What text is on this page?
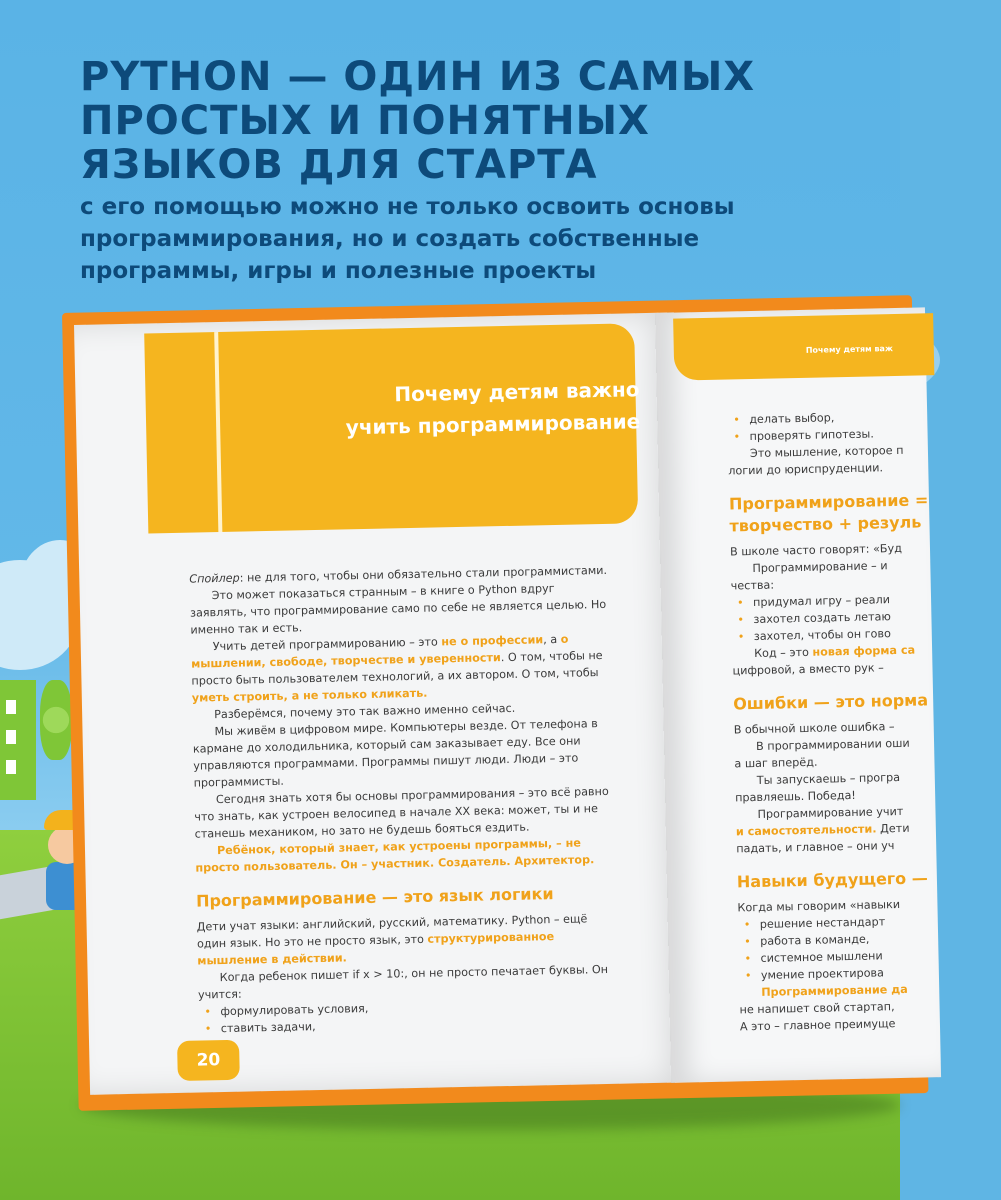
PYTHON — ОДИН ИЗ САМЫХ ПРОСТЫХ И ПОНЯТНЫХ ЯЗЫКОВ ДЛЯ СТАРТА
с его помощью можно не только освоить основы программирования, но и создать собственные программы, игры и полезные проекты
Почему детям важно учить программирование

Спойлер: не для того, чтобы они обязательно стали программистами.

Это может показаться странным – в книге о Python вдруг заявлять, что программирование само по себе не является целью. Но именно так и есть.

Учить детей программированию – это не о профессии, а о мышлении, свободе, творчестве и уверенности. О том, чтобы не просто быть пользователем технологий, а их автором. О том, чтобы уметь строить, а не только кликать.

Разберёмся, почему это так важно именно сейчас.

Мы живём в цифровом мире. Компьютеры везде. От телефона в кармане до холодильника, который сам заказывает еду. Все они управляются программами. Программы пишут люди. Люди – это программисты.

Сегодня знать хотя бы основы программирования – это всё равно что знать, как устроен велосипед в начале XX века: может, ты и не станешь механиком, но зато не будешь бояться ездить.

Ребёнок, который знает, как устроены программы, – не просто пользователь. Он – участник. Создатель. Архитектор.

Программирование — это язык логики

Дети учат языки: английский, русский, математику. Python – ещё один язык. Но это не просто язык, это структурированное мышление в действии.

Когда ребенок пишет if x > 10:, он не просто печатает буквы. Он учится:

• формулировать условия,
• ставить задачи,
20
Почему детям важ
• делать выбор,
• проверять гипотезы.

Это мышление, которое п

логии до юриспруденции.

Программирование =
творчество + резуль

В школе часто говорят: «Буд

Программирование – и

чества:

• придумал игру – реали
• захотел создать летаю
• захотел, чтобы он гово

Код – это новая форма са

цифровой, а вместо рук –

Ошибки — это норма

В обычной школе ошибка –

В программировании оши

а шаг вперёд.

Ты запускаешь – програ

правляешь. Победа!

Программирование учит

и самостоятельности. Дети

падать, и главное – они уч

Навыки будущего —

Когда мы говорим «навыки

• решение нестандарт
• работа в команде,
• системное мышлени
• умение проектирова

Программирование да

не напишет свой стартап,

А это – главное преимуще
